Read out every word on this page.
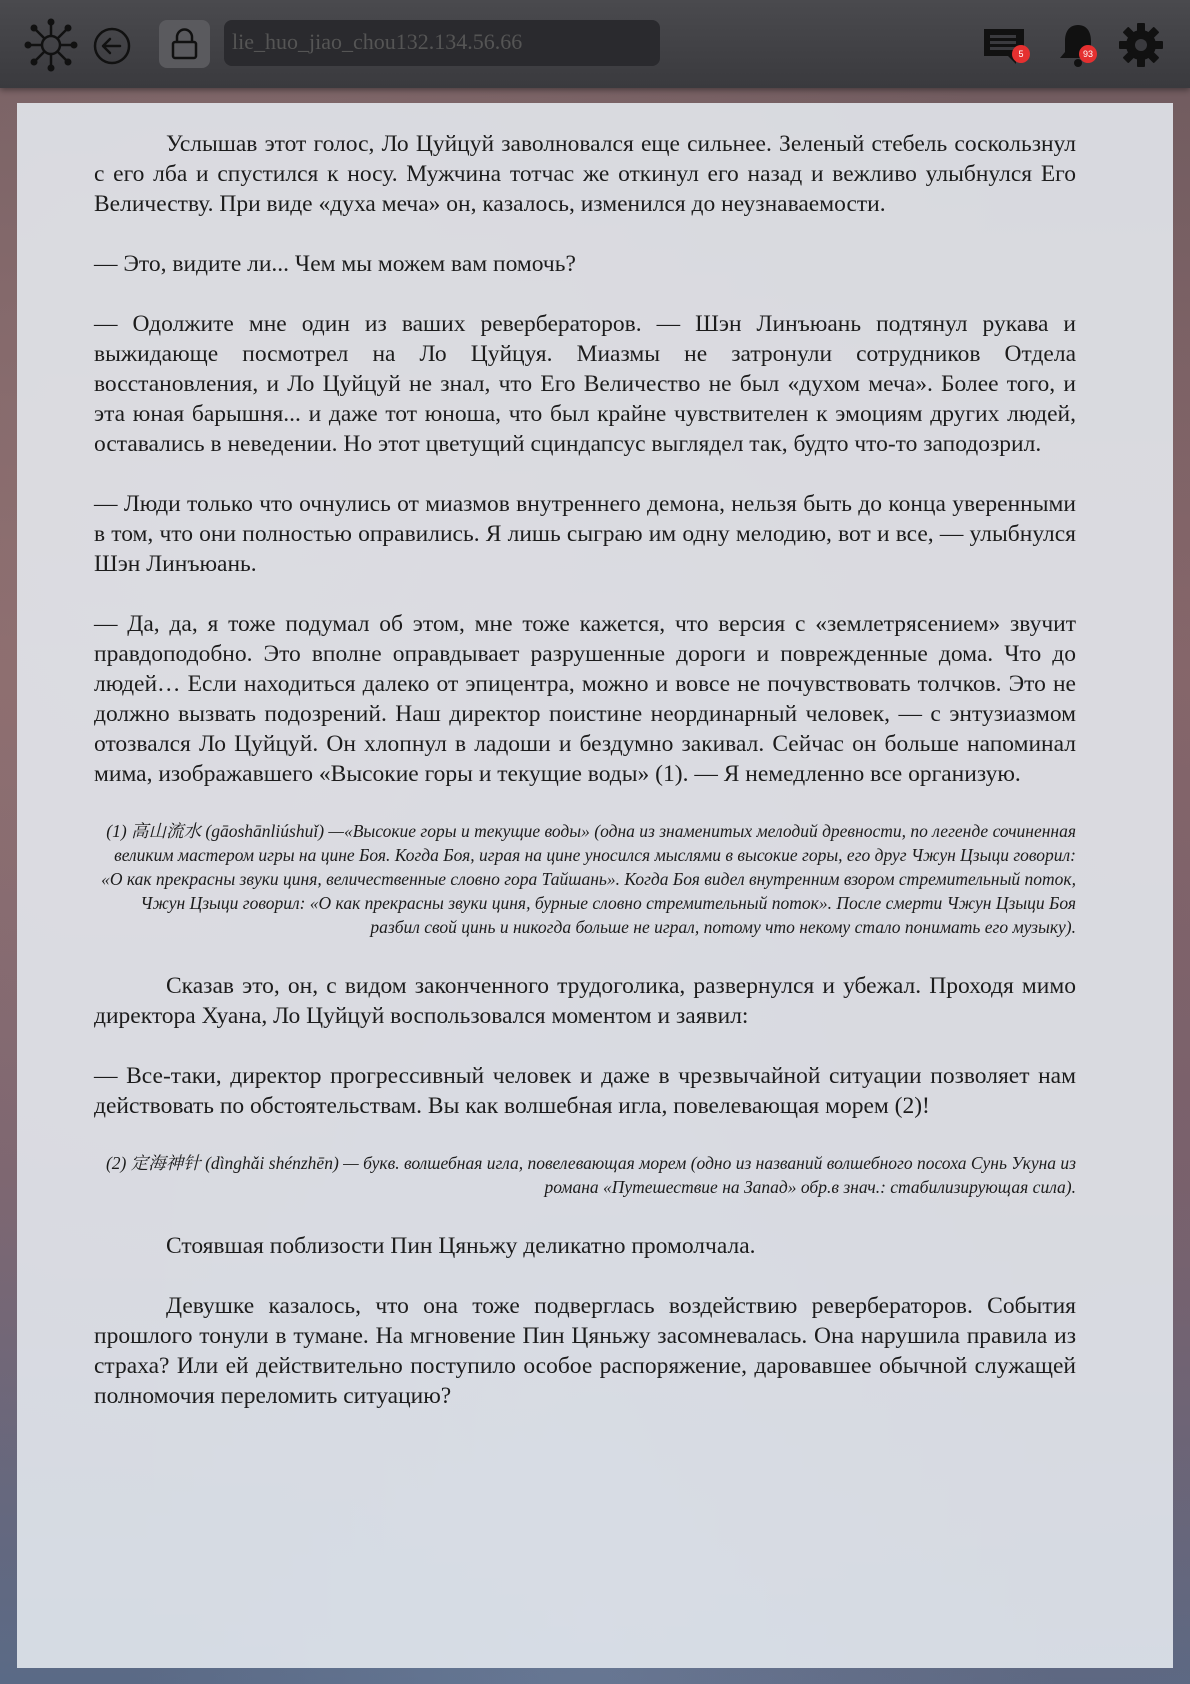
lie_huo_jiao_chou132.134.56.66	5	93

Услышав этот голос, Ло Цуйцуй заволновался еще сильнее. Зеленый стебель соскользнул с его лба и спустился к носу. Мужчина тотчас же откинул его назад и вежливо улыбнулся Его Величеству. При виде «духа меча» он, казалось, изменился до неузнаваемости.

— Это, видите ли... Чем мы можем вам помочь?

— Одолжите мне один из ваших ревербераторов. — Шэн Линъюань подтянул рукава и выжидающе посмотрел на Ло Цуйцуя. Миазмы не затронули сотрудников Отдела восстановления, и Ло Цуйцуй не знал, что Его Величество не был «духом меча». Более того, и эта юная барышня... и даже тот юноша, что был крайне чувствителен к эмоциям других людей, оставались в неведении. Но этот цветущий сциндапсус выглядел так, будто что-то заподозрил.

— Люди только что очнулись от миазмов внутреннего демона, нельзя быть до конца уверенными в том, что они полностью оправились. Я лишь сыграю им одну мелодию, вот и все, — улыбнулся Шэн Линъюань.

— Да, да, я тоже подумал об этом, мне тоже кажется, что версия с «землетрясением» звучит правдоподобно. Это вполне оправдывает разрушенные дороги и поврежденные дома. Что до людей… Если находиться далеко от эпицентра, можно и вовсе не почувствовать толчков. Это не должно вызвать подозрений. Наш директор поистине неординарный человек, — с энтузиазмом отозвался Ло Цуйцуй. Он хлопнул в ладоши и бездумно закивал. Сейчас он больше напоминал мима, изображавшего «Высокие горы и текущие воды» (1). — Я немедленно все организую.

(1) 高山流水 (gāoshānliúshuǐ) —«Высокие горы и текущие воды» (одна из знаменитых мелодий древности, по легенде сочиненная великим мастером игры на цине Боя. Когда Боя, играя на цине уносился мыслями в высокие горы, его друг Чжун Цзыци говорил: «О как прекрасны звуки циня, величественные словно гора Тайшань». Когда Боя видел внутренним взором стремительный поток, Чжун Цзыци говорил: «О как прекрасны звуки циня, бурные словно стремительный поток». После смерти Чжун Цзыци Боя разбил свой цинь и никогда больше не играл, потому что некому стало понимать его музыку).

Сказав это, он, с видом законченного трудоголика, развернулся и убежал. Проходя мимо директора Хуана, Ло Цуйцуй воспользовался моментом и заявил:

— Все-таки, директор прогрессивный человек и даже в чрезвычайной ситуации позволяет нам действовать по обстоятельствам. Вы как волшебная игла, повелевающая морем (2)!

(2) 定海神针 (dìnghǎi shénzhēn) — букв. волшебная игла, повелевающая морем (одно из названий волшебного посоха Сунь Укуна из романа «Путешествие на Запад» обр.в знач.: стабилизирующая сила).

Стоявшая поблизости Пин Цяньжу деликатно промолчала.

Девушке казалось, что она тоже подверглась воздействию ревербераторов. События прошлого тонули в тумане. На мгновение Пин Цяньжу засомневалась. Она нарушила правила из страха? Или ей действительно поступило особое распоряжение, даровавшее обычной служащей полномочия переломить ситуацию?
